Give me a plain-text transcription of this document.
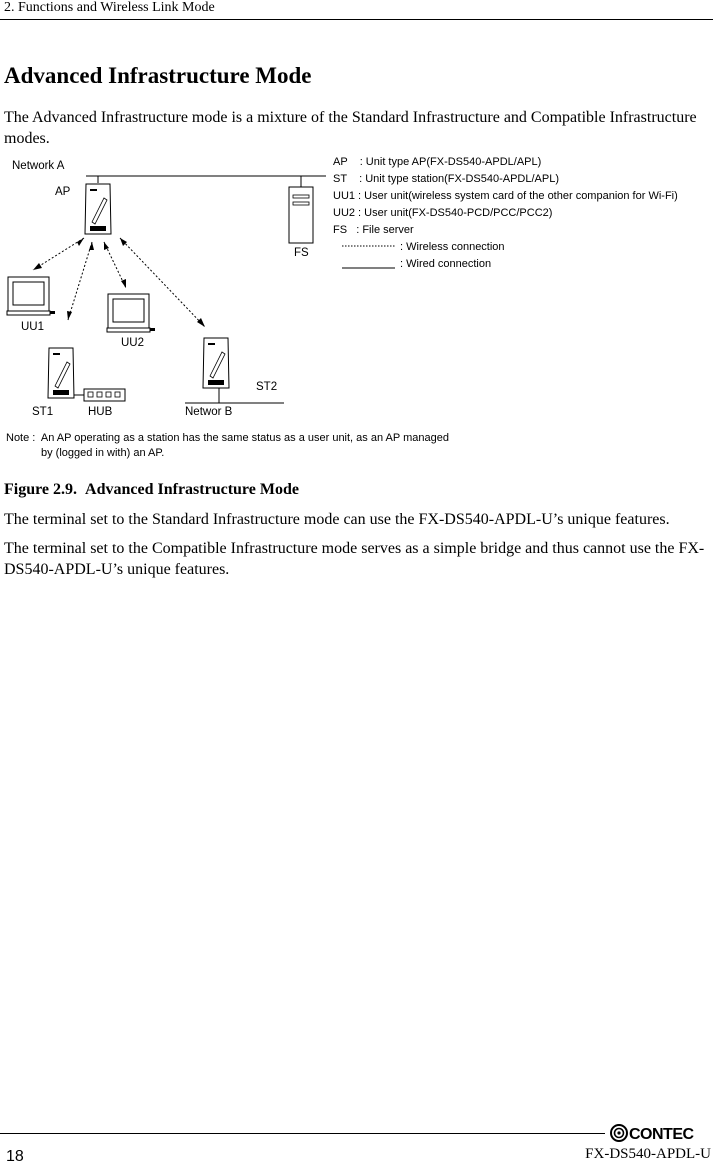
2. Functions and Wireless Link Mode
Advanced Infrastructure Mode

The Advanced Infrastructure mode is a mixture of the Standard Infrastructure and Compatible Infrastructure modes.

Network A
AP
FS
UU1
UU2
ST1	HUB
ST2
Networ B
AP    : Unit type AP(FX-DS540-APDL/APL)
ST    : Unit type station(FX-DS540-APDL/APL)
UU1 : User unit(wireless system card of the other companion for Wi-Fi)
UU2 : User unit(FX-DS540-PCD/PCC/PCC2)
FS   : File server
: Wireless connection
: Wired connection
Note :  An AP operating as a station has the same status as a user unit, as an AP managed
by (logged in with) an AP.

Figure 2.9. Advanced Infrastructure Mode

The terminal set to the Standard Infrastructure mode can use the FX-DS540-APDL-U’s unique features.

The terminal set to the Compatible Infrastructure mode serves as a simple bridge and thus cannot use the FX-DS540-APDL-U’s unique features.

CONTEC
18	FX-DS540-APDL-U
